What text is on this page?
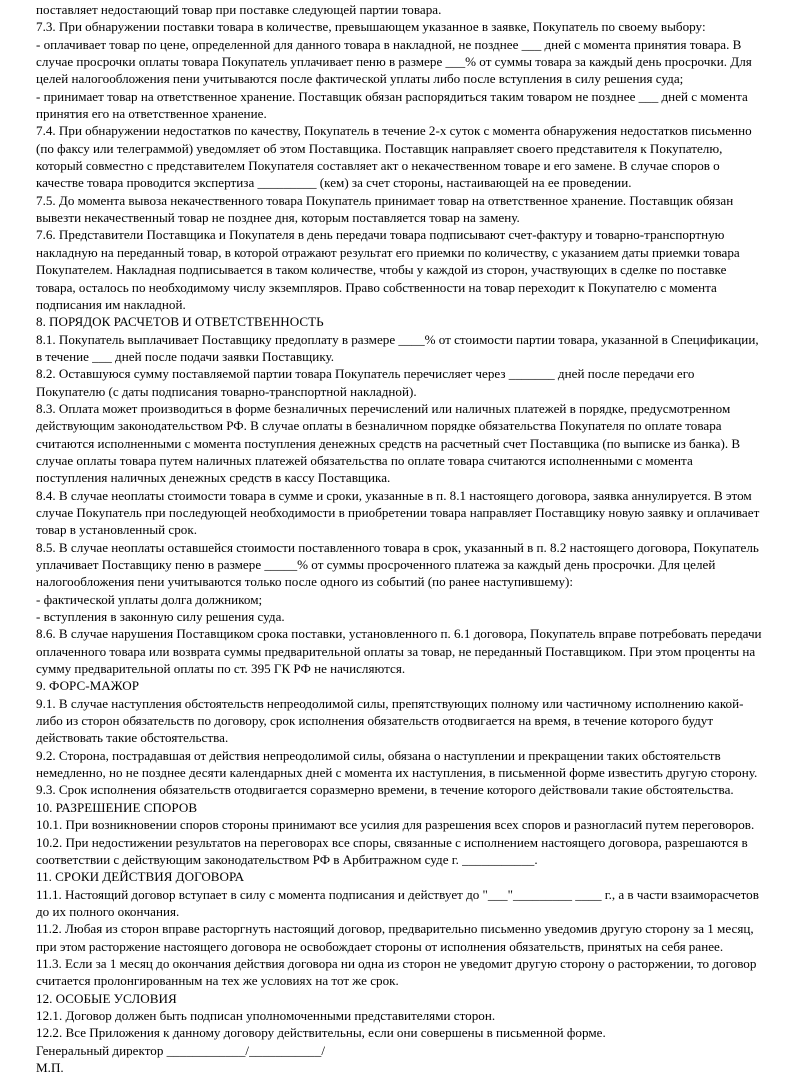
поставляет недостающий товар при поставке следующей партии товара.

7.3. При обнаружении поставки товара в количестве, превышающем указанное в заявке, Покупатель по своему выбору:

- оплачивает товар по цене, определенной для данного товара в накладной, не позднее ___ дней с момента принятия товара. В случае просрочки оплаты товара Покупатель уплачивает пеню в размере ___% от суммы товара за каждый день просрочки. Для целей налогообложения пени учитываются после фактической уплаты либо после вступления в силу решения суда;

- принимает товар на ответственное хранение. Поставщик обязан распорядиться таким товаром не позднее ___ дней с момента принятия его на ответственное хранение.

7.4. При обнаружении недостатков по качеству, Покупатель в течение 2-х суток с момента обнаружения недостатков письменно (по факсу или телеграммой) уведомляет об этом Поставщика. Поставщик направляет своего представителя к Покупателю, который совместно с представителем Покупателя составляет акт о некачественном товаре и его замене. В случае споров о качестве товара проводится экспертиза _________ (кем) за счет стороны, настаивающей на ее проведении.

7.5. До момента вывоза некачественного товара Покупатель принимает товар на ответственное хранение. Поставщик обязан вывезти некачественный товар не позднее дня, которым поставляется товар на замену.

7.6. Представители Поставщика и Покупателя в день передачи товара подписывают счет-фактуру и товарно-транспортную накладную на переданный товар, в которой отражают результат его приемки по количеству, с указанием даты приемки товара Покупателем. Накладная подписывается в таком количестве, чтобы у каждой из сторон, участвующих в сделке по поставке товара, осталось по необходимому числу экземпляров. Право собственности на товар переходит к Покупателю с момента подписания им накладной.

8. ПОРЯДОК РАСЧЕТОВ И ОТВЕТСТВЕННОСТЬ

8.1. Покупатель выплачивает Поставщику предоплату в размере ____% от стоимости партии товара, указанной в Спецификации, в течение ___ дней после подачи заявки Поставщику.

8.2. Оставшуюся сумму поставляемой партии товара Покупатель перечисляет через _______ дней после передачи его Покупателю (с даты подписания товарно-транспортной накладной).

8.3. Оплата может производиться в форме безналичных перечислений или наличных платежей в порядке, предусмотренном действующим законодательством РФ. В случае оплаты в безналичном порядке обязательства Покупателя по оплате товара считаются исполненными с момента поступления денежных средств на расчетный счет Поставщика (по выписке из банка). В случае оплаты товара путем наличных платежей обязательства по оплате товара считаются исполненными с момента поступления наличных денежных средств в кассу Поставщика.

8.4. В случае неоплаты стоимости товара в сумме и сроки, указанные в п. 8.1 настоящего договора, заявка аннулируется. В этом случае Покупатель при последующей необходимости в приобретении товара направляет Поставщику новую заявку и оплачивает товар в установленный срок.

8.5. В случае неоплаты оставшейся стоимости поставленного товара в срок, указанный в п. 8.2 настоящего договора, Покупатель уплачивает Поставщику пеню в размере _____% от суммы просроченного платежа за каждый день просрочки. Для целей налогообложения пени учитываются только после одного из событий (по ранее наступившему):

- фактической уплаты долга должником;

- вступления в законную силу решения суда.

8.6. В случае нарушения Поставщиком срока поставки, установленного п. 6.1 договора, Покупатель вправе потребовать передачи оплаченного товара или возврата суммы предварительной оплаты за товар, не переданный Поставщиком. При этом проценты на сумму предварительной оплаты по ст. 395 ГК РФ не начисляются.

9. ФОРС-МАЖОР

9.1. В случае наступления обстоятельств непреодолимой силы, препятствующих полному или частичному исполнению какой-либо из сторон обязательств по договору, срок исполнения обязательств отодвигается на время, в течение которого будут действовать такие обстоятельства.

9.2. Сторона, пострадавшая от действия непреодолимой силы, обязана о наступлении и прекращении таких обстоятельств немедленно, но не позднее десяти календарных дней с момента их наступления, в письменной форме известить другую сторону.

9.3. Срок исполнения обязательств отодвигается соразмерно времени, в течение которого действовали такие обстоятельства.

10. РАЗРЕШЕНИЕ СПОРОВ

10.1. При возникновении споров стороны принимают все усилия для разрешения всех споров и разногласий путем переговоров.

10.2. При недостижении результатов на переговорах все споры, связанные с исполнением настоящего договора, разрешаются в соответствии с действующим законодательством РФ в Арбитражном суде г. ___________.

11. СРОКИ ДЕЙСТВИЯ ДОГОВОРА

11.1. Настоящий договор вступает в силу с момента подписания и действует до "___"_________ ____ г., а в части взаиморасчетов до их полного окончания.

11.2. Любая из сторон вправе расторгнуть настоящий договор, предварительно письменно уведомив другую сторону за 1 месяц, при этом расторжение настоящего договора не освобождает стороны от исполнения обязательств, принятых на себя ранее.

11.3. Если за 1 месяц до окончания действия договора ни одна из сторон не уведомит другую сторону о расторжении, то договор считается пролонгированным на тех же условиях на тот же срок.

12. ОСОБЫЕ УСЛОВИЯ

12.1. Договор должен быть подписан уполномоченными представителями сторон.

12.2. Все Приложения к данному договору действительны, если они совершены в письменной форме.

Генеральный директор ____________/___________/

М.П.
